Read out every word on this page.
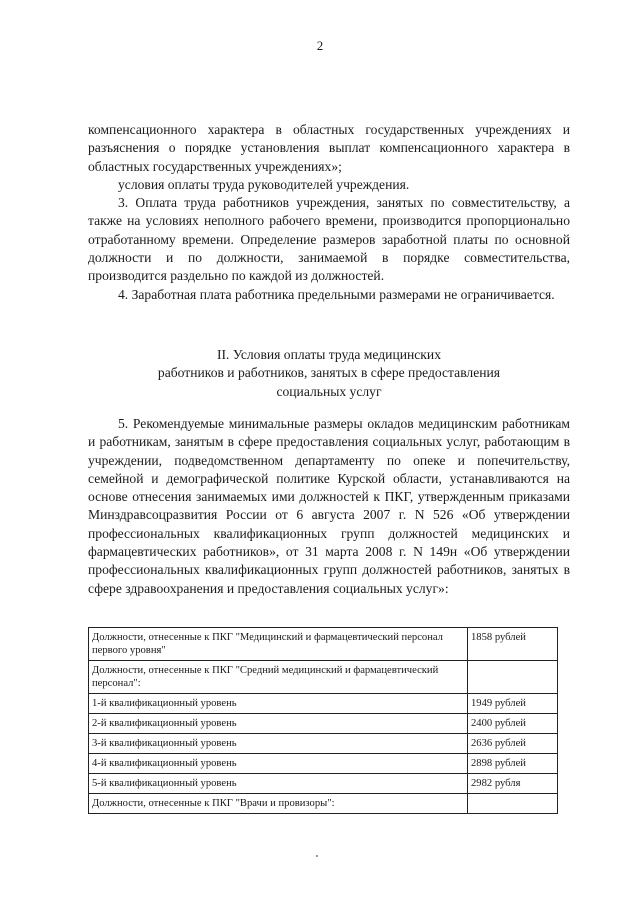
2

компенсационного характера в областных государственных учреждениях и разъяснения о порядке установления выплат компенсационного характера в областных государственных учреждениях»;

условия оплаты труда руководителей учреждения.

3. Оплата труда работников учреждения, занятых по совместительству, а также на условиях неполного рабочего времени, производится пропорционально отработанному времени. Определение размеров заработной платы по основной должности и по должности, занимаемой в порядке совместительства, производится раздельно по каждой из должностей.

4. Заработная плата работника предельными размерами не ограничивается.

II. Условия оплаты труда медицинских

работников и работников, занятых в сфере предоставления

социальных услуг

5. Рекомендуемые минимальные размеры окладов медицинским работникам и работникам, занятым в сфере предоставления социальных услуг, работающим в учреждении, подведомственном департаменту по опеке и попечительству, семейной и демографической политике Курской области, устанавливаются на основе отнесения занимаемых ими должностей к ПКГ, утвержденным приказами Минздравсоцразвития России от 6 августа 2007 г. N 526 «Об утверждении профессиональных квалификационных групп должностей медицинских и фармацевтических работников», от 31 марта 2008 г. N 149н «Об утверждении профессиональных квалификационных групп должностей работников, занятых в сфере здравоохранения и предоставления социальных услуг»:

Должности, отнесенные к ПКГ "Медицинский и фармацевтический персонал первого уровня"	1858 рублей
Должности, отнесенные к ПКГ "Средний медицинский и фармацевтический персонал":	
1-й квалификационный уровень	1949 рублей
2-й квалификационный уровень	2400 рублей
3-й квалификационный уровень	2636 рублей
4-й квалификационный уровень	2898 рублей
5-й квалификационный уровень	2982 рубля
Должности, отнесенные к ПКГ "Врачи и провизоры":	
